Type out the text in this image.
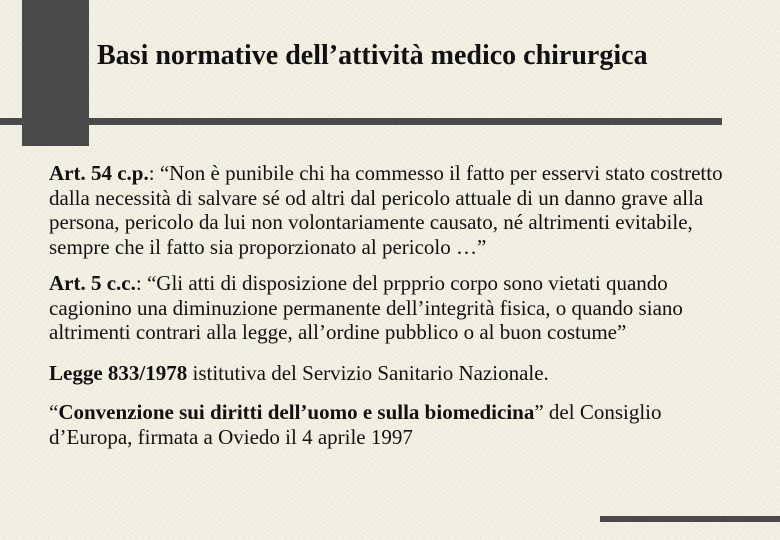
Basi normative dell’attività medico chirurgica

Art. 54 c.p.: “Non è punibile chi ha commesso il fatto per esservi stato costretto dalla necessità di salvare sé od altri dal pericolo attuale di un danno grave alla persona, pericolo da lui non volontariamente causato, né altrimenti evitabile, sempre che il fatto sia proporzionato al pericolo …”

Art. 5 c.c.: “Gli atti di disposizione del prpprio corpo sono vietati quando cagionino una diminuzione permanente dell’integrità fisica, o quando siano altrimenti contrari alla legge, all’ordine pubblico o al buon costume”

Legge 833/1978 istitutiva del Servizio Sanitario Nazionale.

“Convenzione sui diritti dell’uomo e sulla biomedicina” del Consiglio d’Europa, firmata a Oviedo il 4 aprile 1997
